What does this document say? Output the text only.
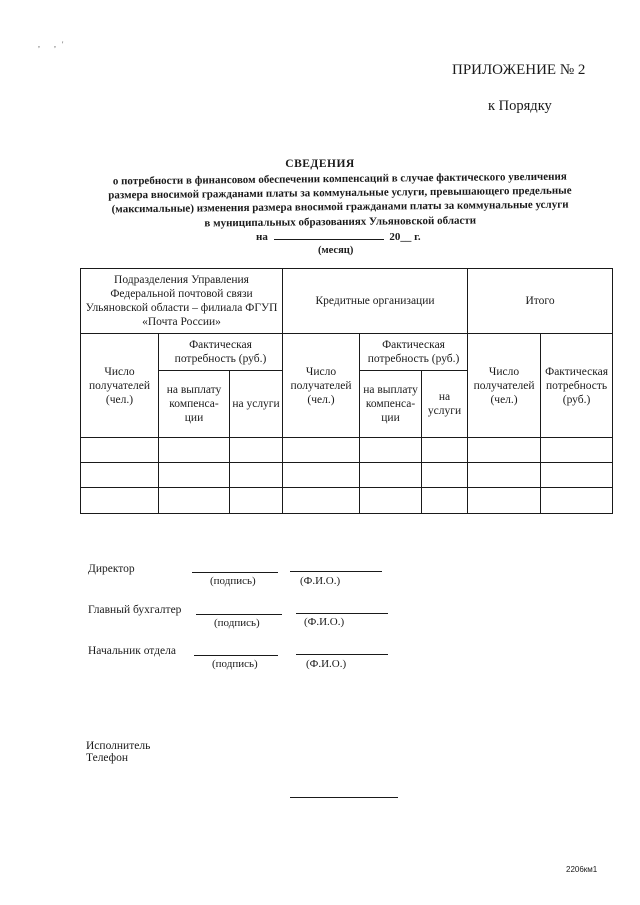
, ,'
ПРИЛОЖЕНИЕ № 2
к Порядку
СВЕДЕНИЯ
о потребности в финансовом обеспечении компенсаций в случае фактического увеличения
размера вносимой гражданами платы за коммунальные услуги, превышающего предельные
(максимальные) изменения размера вносимой гражданами платы за коммунальные услуги
в муниципальных образованиях Ульяновской области
на	20__ г.
(месяц)
Подразделения Управления Федеральной почтовой связи Ульяновской области – филиала ФГУП «Почта России»			Кредитные организации			Итого	
Число получателей (чел.)	Фактическая потребность (руб.)		Число получателей (чел.)	Фактическая потребность (руб.)		Число получателей (чел.)	Фактическая потребность (руб.)
	на выплату компенса-ции	на услуги		на выплату компенса-ции	на услуги		

Директор
(подпись)	(Ф.И.О.)
Главный бухгалтер
(подпись)	(Ф.И.О.)
Начальник отдела
(подпись)	(Ф.И.О.)
Исполнитель
Телефон
2206км1
